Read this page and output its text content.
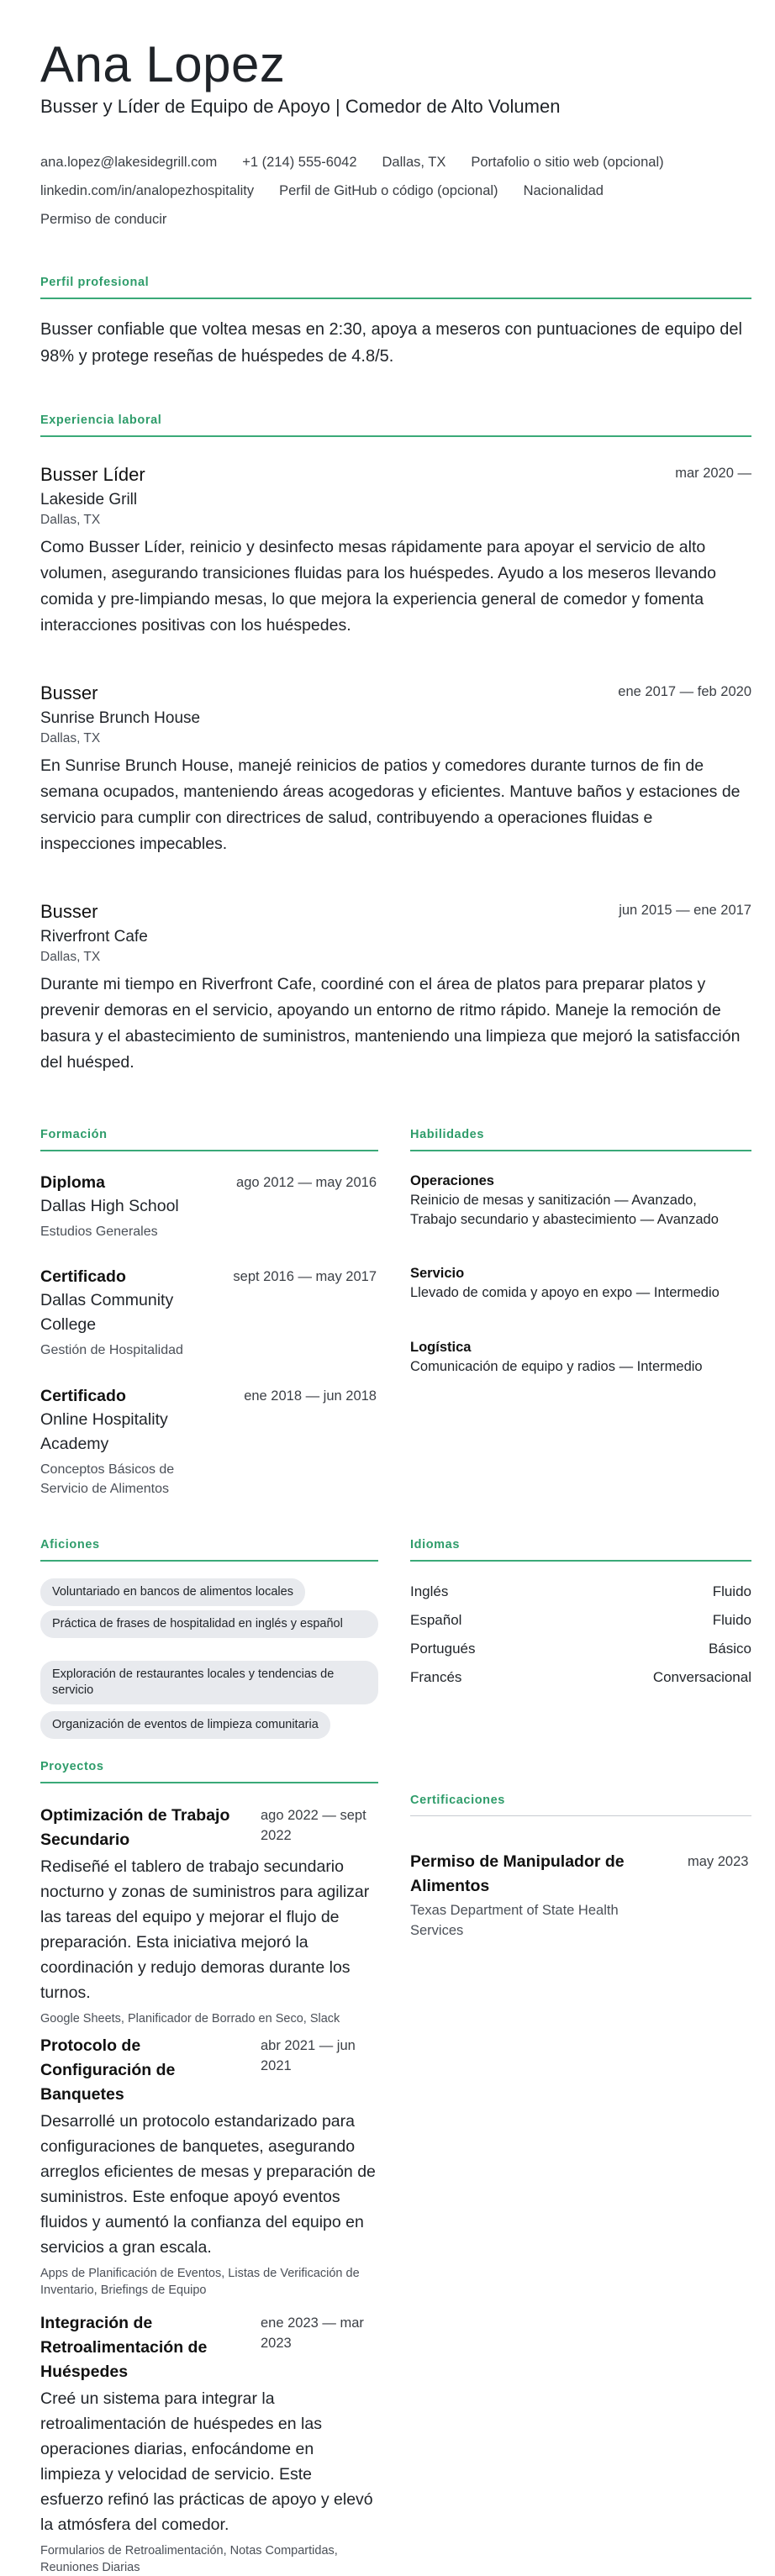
Ana Lopez
Busser y Líder de Equipo de Apoyo | Comedor de Alto Volumen
ana.lopez@lakesidegrill.com +1 (214) 555-6042 Dallas, TX Portafolio o sitio web (opcional)
linkedin.com/in/analopezhospitality Perfil de GitHub o código (opcional) Nacionalidad
Permiso de conducir
Perfil profesional
Busser confiable que voltea mesas en 2:30, apoya a meseros con puntuaciones de equipo del 98% y protege reseñas de huéspedes de 4.8/5.
Experiencia laboral
Busser Líder	mar 2020 —
Lakeside Grill
Dallas, TX
Como Busser Líder, reinicio y desinfecto mesas rápidamente para apoyar el servicio de alto volumen, asegurando transiciones fluidas para los huéspedes. Ayudo a los meseros llevando comida y pre-limpiando mesas, lo que mejora la experiencia general de comedor y fomenta interacciones positivas con los huéspedes.
Busser	ene 2017 — feb 2020
Sunrise Brunch House
Dallas, TX
En Sunrise Brunch House, manejé reinicios de patios y comedores durante turnos de fin de semana ocupados, manteniendo áreas acogedoras y eficientes. Mantuve baños y estaciones de servicio para cumplir con directrices de salud, contribuyendo a operaciones fluidas e inspecciones impecables.
Busser	jun 2015 — ene 2017
Riverfront Cafe
Dallas, TX
Durante mi tiempo en Riverfront Cafe, coordiné con el área de platos para preparar platos y prevenir demoras en el servicio, apoyando un entorno de ritmo rápido. Maneje la remoción de basura y el abastecimiento de suministros, manteniendo una limpieza que mejoró la satisfacción del huésped.
Formación
Diploma	ago 2012 — may 2016
Dallas High School
Estudios Generales
Certificado	sept 2016 — may 2017
Dallas Community College
Gestión de Hospitalidad
Certificado	ene 2018 — jun 2018
Online Hospitality Academy
Conceptos Básicos de Servicio de Alimentos
Habilidades
Operaciones
Reinicio de mesas y sanitización — Avanzado, Trabajo secundario y abastecimiento — Avanzado
Servicio
Llevado de comida y apoyo en expo — Intermedio
Logística
Comunicación de equipo y radios — Intermedio
Aficiones
Voluntariado en bancos de alimentos locales
Práctica de frases de hospitalidad en inglés y español
Exploración de restaurantes locales y tendencias de servicio
Organización de eventos de limpieza comunitaria
Idiomas
Inglés	Fluido
Español	Fluido
Portugués	Básico
Francés	Conversacional
Proyectos
Optimización de Trabajo Secundario
ago 2022 — sept 2022
Rediseñé el tablero de trabajo secundario nocturno y zonas de suministros para agilizar las tareas del equipo y mejorar el flujo de preparación. Esta iniciativa mejoró la coordinación y redujo demoras durante los turnos.
Google Sheets, Planificador de Borrado en Seco, Slack
Protocolo de Configuración de Banquetes
abr 2021 — jun 2021
Desarrollé un protocolo estandarizado para configuraciones de banquetes, asegurando arreglos eficientes de mesas y preparación de suministros. Este enfoque apoyó eventos fluidos y aumentó la confianza del equipo en servicios a gran escala.
Apps de Planificación de Eventos, Listas de Verificación de Inventario, Briefings de Equipo
Integración de Retroalimentación de Huéspedes
ene 2023 — mar 2023
Creé un sistema para integrar la retroalimentación de huéspedes en las operaciones diarias, enfocándome en limpieza y velocidad de servicio. Este esfuerzo refinó las prácticas de apoyo y elevó la atmósfera del comedor.
Formularios de Retroalimentación, Notas Compartidas, Reuniones Diarias
Certificaciones
Permiso de Manipulador de Alimentos
may 2023
Texas Department of State Health Services
